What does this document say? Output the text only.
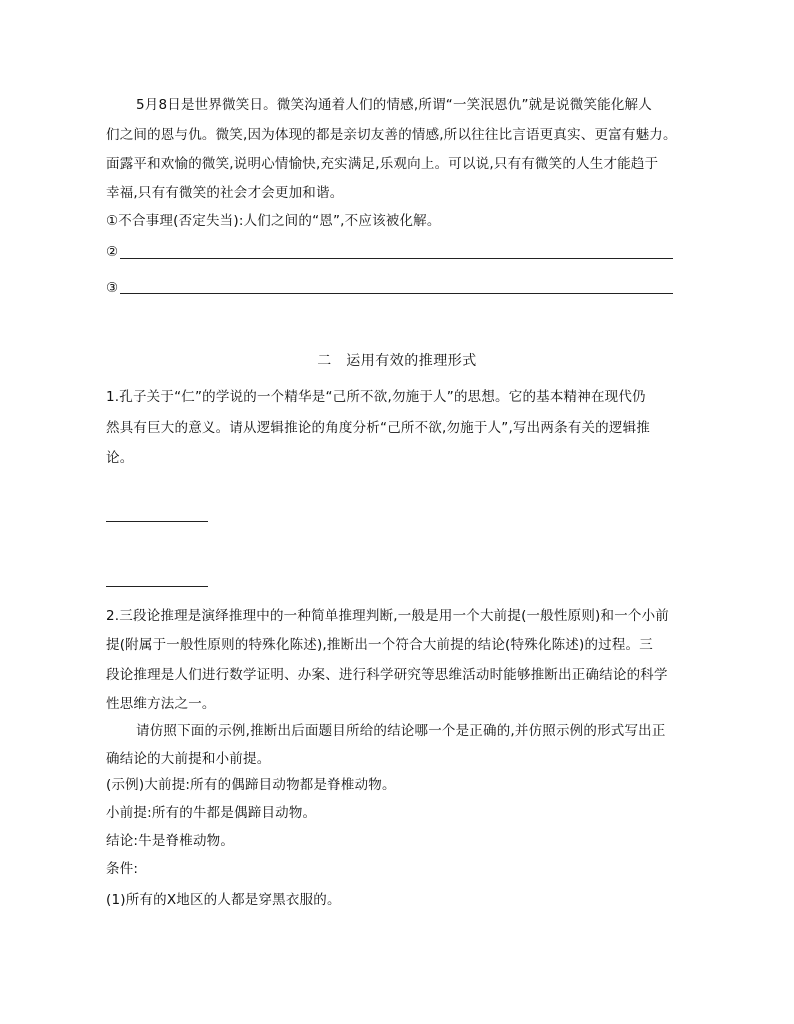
5月8日是世界微笑日。微笑沟通着人们的情感,所谓“一笑泯恩仇”就是说微笑能化解人
们之间的恩与仇。微笑,因为体现的都是亲切友善的情感,所以往往比言语更真实、更富有魅力。
面露平和欢愉的微笑,说明心情愉快,充实满足,乐观向上。可以说,只有有微笑的人生才能趋于
幸福,只有有微笑的社会才会更加和谐。
①不合事理(否定失当):人们之间的“恩”,不应该被化解。
②
③
二　运用有效的推理形式
1.孔子关于“仁”的学说的一个精华是“己所不欲,勿施于人”的思想。它的基本精神在现代仍
然具有巨大的意义。请从逻辑推论的角度分析“己所不欲,勿施于人”,写出两条有关的逻辑推
论。
2.三段论推理是演绎推理中的一种简单推理判断,一般是用一个大前提(一般性原则)和一个小前
提(附属于一般性原则的特殊化陈述),推断出一个符合大前提的结论(特殊化陈述)的过程。三
段论推理是人们进行数学证明、办案、进行科学研究等思维活动时能够推断出正确结论的科学
性思维方法之一。
请仿照下面的示例,推断出后面题目所给的结论哪一个是正确的,并仿照示例的形式写出正
确结论的大前提和小前提。
(示例)大前提:所有的偶蹄目动物都是脊椎动物。
小前提:所有的牛都是偶蹄目动物。
结论:牛是脊椎动物。
条件:
(1)所有的X地区的人都是穿黑衣服的。
